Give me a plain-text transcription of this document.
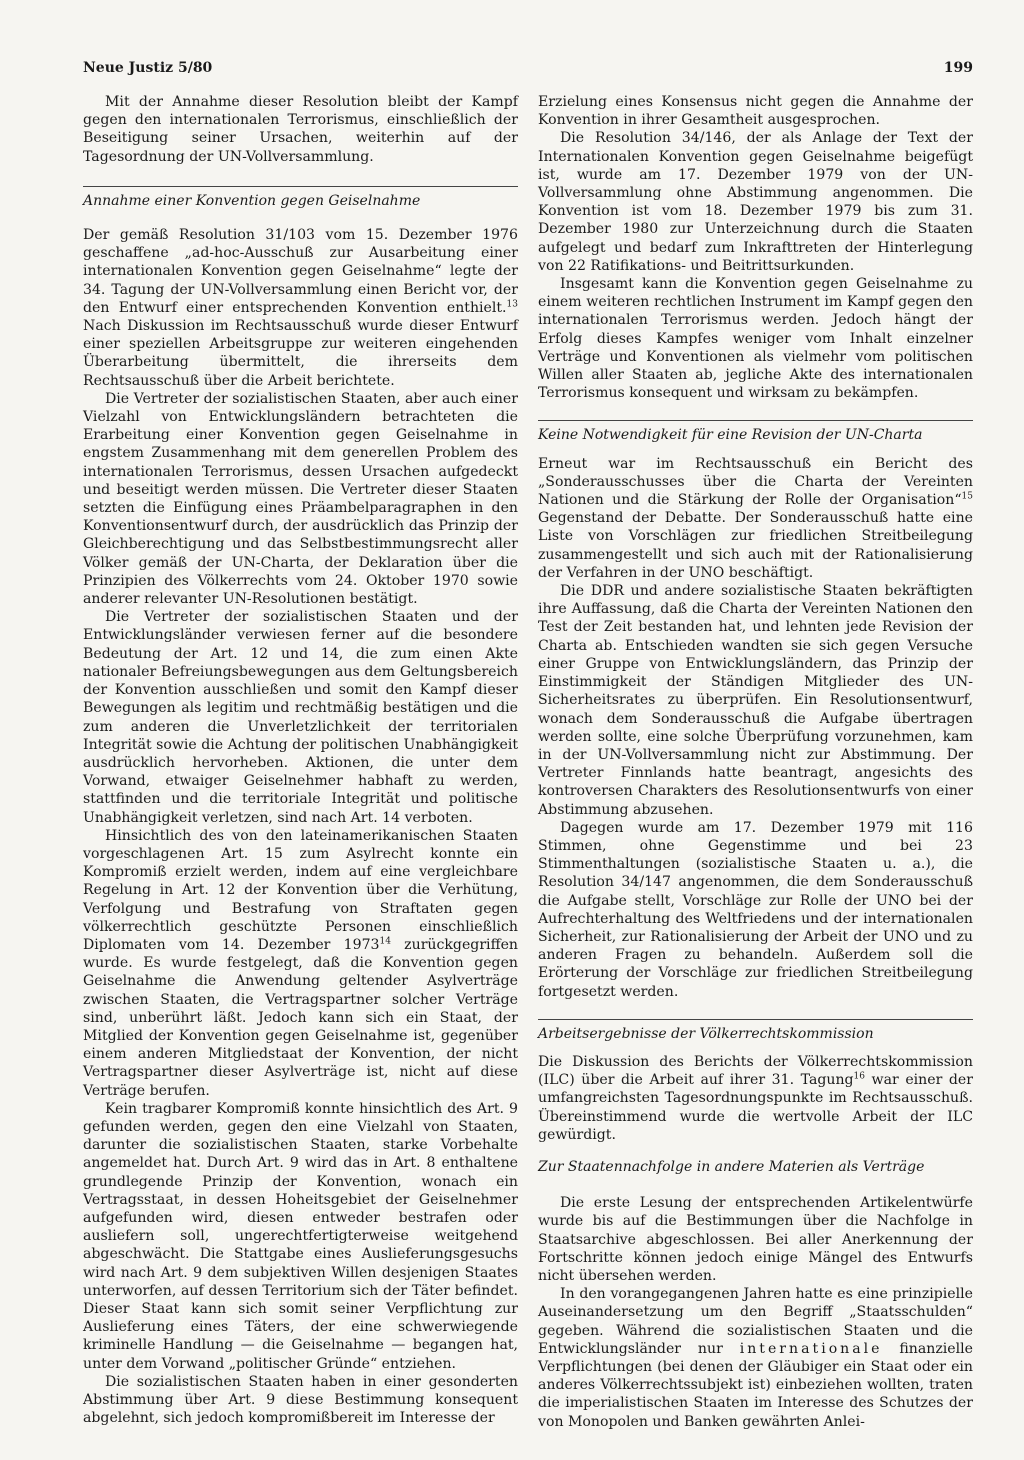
Neue Justiz 5/80	199

Mit der Annahme dieser Resolution bleibt der Kampf gegen den internationalen Terrorismus, einschließlich der Beseitigung seiner Ursachen, weiterhin auf der Tagesordnung der UN-Vollversammlung.

Annahme einer Konvention gegen Geiselnahme

Der gemäß Resolution 31/103 vom 15. Dezember 1976 geschaffene „ad-hoc-Ausschuß zur Ausarbeitung einer internationalen Konvention gegen Geiselnahme“ legte der 34. Tagung der UN-Vollversammlung einen Bericht vor, der den Entwurf einer entsprechenden Konvention enthielt.$^{13}$ Nach Diskussion im Rechtsausschuß wurde dieser Entwurf einer speziellen Arbeitsgruppe zur weiteren eingehenden Überarbeitung übermittelt, die ihrerseits dem Rechtsausschuß über die Arbeit berichtete.

Die Vertreter der sozialistischen Staaten, aber auch einer Vielzahl von Entwicklungsländern betrachteten die Erarbeitung einer Konvention gegen Geiselnahme in engstem Zusammenhang mit dem generellen Problem des internationalen Terrorismus, dessen Ursachen aufgedeckt und beseitigt werden müssen. Die Vertreter dieser Staaten setzten die Einfügung eines Präambelparagraphen in den Konventionsentwurf durch, der ausdrücklich das Prinzip der Gleichberechtigung und das Selbstbestimmungsrecht aller Völker gemäß der UN-Charta, der Deklaration über die Prinzipien des Völkerrechts vom 24. Oktober 1970 sowie anderer relevanter UN-Resolutionen bestätigt.

Die Vertreter der sozialistischen Staaten und der Entwicklungsländer verwiesen ferner auf die besondere Bedeutung der Art. 12 und 14, die zum einen Akte nationaler Befreiungsbewegungen aus dem Geltungsbereich der Konvention ausschließen und somit den Kampf dieser Bewegungen als legitim und rechtmäßig bestätigen und die zum anderen die Unverletzlichkeit der territorialen Integrität sowie die Achtung der politischen Unabhängigkeit ausdrücklich hervorheben. Aktionen, die unter dem Vorwand, etwaiger Geiselnehmer habhaft zu werden, stattfinden und die territoriale Integrität und politische Unabhängigkeit verletzen, sind nach Art. 14 verboten.

Hinsichtlich des von den lateinamerikanischen Staaten vorgeschlagenen Art. 15 zum Asylrecht konnte ein Kompromiß erzielt werden, indem auf eine vergleichbare Regelung in Art. 12 der Konvention über die Verhütung, Verfolgung und Bestrafung von Straftaten gegen völkerrechtlich geschützte Personen einschließlich Diplomaten vom 14. Dezember 1973$^{14}$ zurückgegriffen wurde. Es wurde festgelegt, daß die Konvention gegen Geiselnahme die Anwendung geltender Asylverträge zwischen Staaten, die Vertragspartner solcher Verträge sind, unberührt läßt. Jedoch kann sich ein Staat, der Mitglied der Konvention gegen Geiselnahme ist, gegenüber einem anderen Mitgliedstaat der Konvention, der nicht Vertragspartner dieser Asylverträge ist, nicht auf diese Verträge berufen.

Kein tragbarer Kompromiß konnte hinsichtlich des Art. 9 gefunden werden, gegen den eine Vielzahl von Staaten, darunter die sozialistischen Staaten, starke Vorbehalte angemeldet hat. Durch Art. 9 wird das in Art. 8 enthaltene grundlegende Prinzip der Konvention, wonach ein Vertragsstaat, in dessen Hoheitsgebiet der Geiselnehmer aufgefunden wird, diesen entweder bestrafen oder ausliefern soll, ungerechtfertigterweise weitgehend abgeschwächt. Die Stattgabe eines Auslieferungsgesuchs wird nach Art. 9 dem subjektiven Willen desjenigen Staates unterworfen, auf dessen Territorium sich der Täter befindet. Dieser Staat kann sich somit seiner Verpflichtung zur Auslieferung eines Täters, der eine schwerwiegende kriminelle Handlung — die Geiselnahme — begangen hat, unter dem Vorwand „politischer Gründe“ entziehen.

Die sozialistischen Staaten haben in einer gesonderten Abstimmung über Art. 9 diese Bestimmung konsequent abgelehnt, sich jedoch kompromißbereit im Interesse der

Erzielung eines Konsensus nicht gegen die Annahme der Konvention in ihrer Gesamtheit ausgesprochen.

Die Resolution 34/146, der als Anlage der Text der Internationalen Konvention gegen Geiselnahme beigefügt ist, wurde am 17. Dezember 1979 von der UN-Vollversammlung ohne Abstimmung angenommen. Die Konvention ist vom 18. Dezember 1979 bis zum 31. Dezember 1980 zur Unterzeichnung durch die Staaten aufgelegt und bedarf zum Inkrafttreten der Hinterlegung von 22 Ratifikations- und Beitrittsurkunden.

Insgesamt kann die Konvention gegen Geiselnahme zu einem weiteren rechtlichen Instrument im Kampf gegen den internationalen Terrorismus werden. Jedoch hängt der Erfolg dieses Kampfes weniger vom Inhalt einzelner Verträge und Konventionen als vielmehr vom politischen Willen aller Staaten ab, jegliche Akte des internationalen Terrorismus konsequent und wirksam zu bekämpfen.

Keine Notwendigkeit für eine Revision der UN-Charta

Erneut war im Rechtsausschuß ein Bericht des „Sonderausschusses über die Charta der Vereinten Nationen und die Stärkung der Rolle der Organisation“$^{15}$ Gegenstand der Debatte. Der Sonderausschuß hatte eine Liste von Vorschlägen zur friedlichen Streitbeilegung zusammengestellt und sich auch mit der Rationalisierung der Verfahren in der UNO beschäftigt.

Die DDR und andere sozialistische Staaten bekräftigten ihre Auffassung, daß die Charta der Vereinten Nationen den Test der Zeit bestanden hat, und lehnten jede Revision der Charta ab. Entschieden wandten sie sich gegen Versuche einer Gruppe von Entwicklungsländern, das Prinzip der Einstimmigkeit der Ständigen Mitglieder des UN-Sicherheitsrates zu überprüfen. Ein Resolutionsentwurf, wonach dem Sonderausschuß die Aufgabe übertragen werden sollte, eine solche Überprüfung vorzunehmen, kam in der UN-Vollversammlung nicht zur Abstimmung. Der Vertreter Finnlands hatte beantragt, angesichts des kontroversen Charakters des Resolutionsentwurfs von einer Abstimmung abzusehen.

Dagegen wurde am 17. Dezember 1979 mit 116 Stimmen, ohne Gegenstimme und bei 23 Stimmenthaltungen (sozialistische Staaten u. a.), die Resolution 34/147 angenommen, die dem Sonderausschuß die Aufgabe stellt, Vorschläge zur Rolle der UNO bei der Aufrechterhaltung des Weltfriedens und der internationalen Sicherheit, zur Rationalisierung der Arbeit der UNO und zu anderen Fragen zu behandeln. Außerdem soll die Erörterung der Vorschläge zur friedlichen Streitbeilegung fortgesetzt werden.

Arbeitsergebnisse der Völkerrechtskommission

Die Diskussion des Berichts der Völkerrechtskommission (ILC) über die Arbeit auf ihrer 31. Tagung$^{16}$ war einer der umfangreichsten Tagesordnungspunkte im Rechtsausschuß. Übereinstimmend wurde die wertvolle Arbeit der ILC gewürdigt.

Zur Staatennachfolge in andere Materien als Verträge

Die erste Lesung der entsprechenden Artikelentwürfe wurde bis auf die Bestimmungen über die Nachfolge in Staatsarchive abgeschlossen. Bei aller Anerkennung der Fortschritte können jedoch einige Mängel des Entwurfs nicht übersehen werden.

In den vorangegangenen Jahren hatte es eine prinzipielle Auseinandersetzung um den Begriff „Staatsschulden“ gegeben. Während die sozialistischen Staaten und die Entwicklungsländer nur internationale finanzielle Verpflichtungen (bei denen der Gläubiger ein Staat oder ein anderes Völkerrechtssubjekt ist) einbeziehen wollten, traten die imperialistischen Staaten im Interesse des Schutzes der von Monopolen und Banken gewährten Anlei-
